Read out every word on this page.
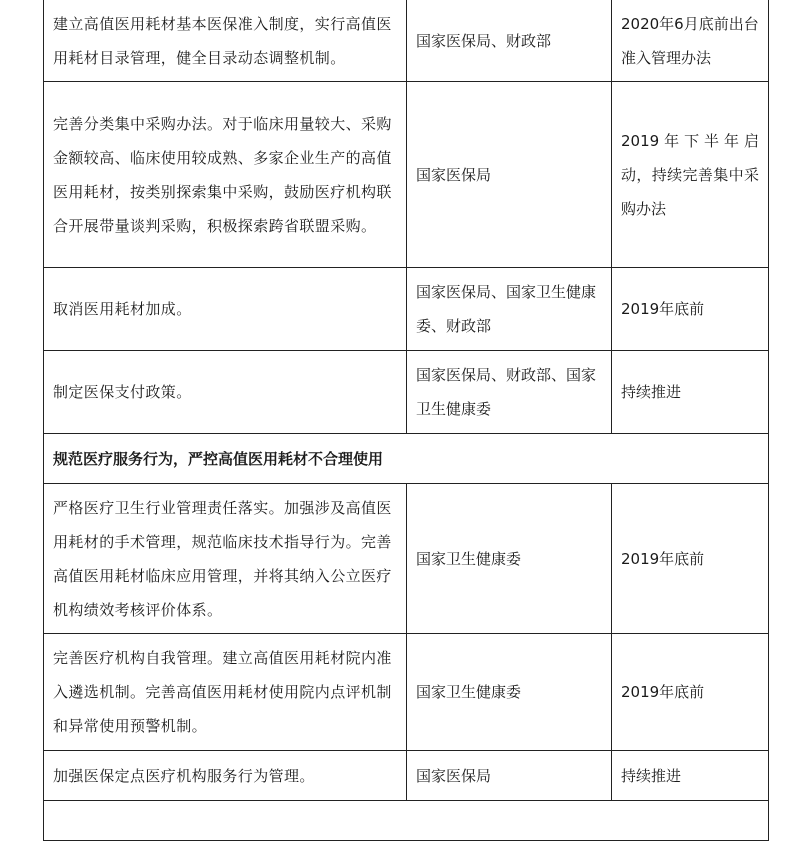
建立高值医用耗材基本医保准入制度，实行高值医用耗材目录管理，健全目录动态调整机制。	国家医保局、财政部	2020年6月底前出台准入管理办法
完善分类集中采购办法。对于临床用量较大、采购金额较高、临床使用较成熟、多家企业生产的高值医用耗材，按类别探索集中采购，鼓励医疗机构联合开展带量谈判采购，积极探索跨省联盟采购。	国家医保局	2019年下半年启动，持续完善集中采购办法
取消医用耗材加成。	国家医保局、国家卫生健康委、财政部	2019年底前
制定医保支付政策。	国家医保局、财政部、国家卫生健康委	持续推进
规范医疗服务行为，严控高值医用耗材不合理使用		
严格医疗卫生行业管理责任落实。加强涉及高值医用耗材的手术管理，规范临床技术指导行为。完善高值医用耗材临床应用管理，并将其纳入公立医疗机构绩效考核评价体系。	国家卫生健康委	2019年底前
完善医疗机构自我管理。建立高值医用耗材院内准入遴选机制。完善高值医用耗材使用院内点评机制和异常使用预警机制。	国家卫生健康委	2019年底前
加强医保定点医疗机构服务行为管理。	国家医保局	持续推进
